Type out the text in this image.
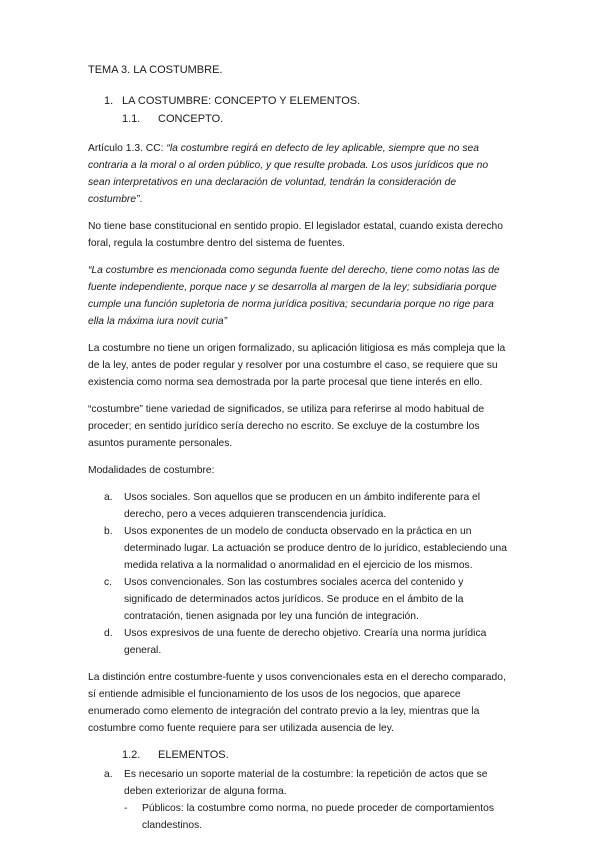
TEMA 3. LA COSTUMBRE.
1. LA COSTUMBRE: CONCEPTO Y ELEMENTOS.
1.1.	CONCEPTO.

Artículo 1.3. CC: “la costumbre regirá en defecto de ley aplicable, siempre que no sea contraria a la moral o al orden público, y que resulte probada. Los usos jurídicos que no sean interpretativos en una declaración de voluntad, tendrán la consideración de costumbre”.

No tiene base constitucional en sentido propio. El legislador estatal, cuando exista derecho foral, regula la costumbre dentro del sistema de fuentes.

“La costumbre es mencionada como segunda fuente del derecho, tiene como notas las de fuente independiente, porque nace y se desarrolla al margen de la ley; subsidiaria porque cumple una función supletoria de norma jurídica positiva; secundaria porque no rige para ella la máxima iura novit curia”

La costumbre no tiene un origen formalizado, su aplicación litigiosa es más compleja que la de la ley, antes de poder regular y resolver por una costumbre el caso, se requiere que su existencia como norma sea demostrada por la parte procesal que tiene interés en ello.

“costumbre” tiene variedad de significados, se utiliza para referirse al modo habitual de proceder; en sentido jurídico sería derecho no escrito. Se excluye de la costumbre los asuntos puramente personales.

Modalidades de costumbre:

a.	Usos sociales. Son aquellos que se producen en un ámbito indiferente para el derecho, pero a veces adquieren transcendencia jurídica.
b.	Usos exponentes de un modelo de conducta observado en la práctica en un determinado lugar. La actuación se produce dentro de lo jurídico, estableciendo una medida relativa a la normalidad o anormalidad en el ejercicio de los mismos.
c.	Usos convencionales. Son las costumbres sociales acerca del contenido y significado de determinados actos jurídicos. Se produce en el ámbito de la contratación, tienen asignada por ley una función de integración.
d.	Usos expresivos de una fuente de derecho objetivo. Crearía una norma jurídica general.

La distinción entre costumbre-fuente y usos convencionales esta en el derecho comparado, sí entiende admisible el funcionamiento de los usos de los negocios, que aparece enumerado como elemento de integración del contrato previo a la ley, mientras que la costumbre como fuente requiere para ser utilizada ausencia de ley.

1.2.	ELEMENTOS.
a.	Es necesario un soporte material de la costumbre: la repetición de actos que se deben exteriorizar de alguna forma.
-	Públicos: la costumbre como norma, no puede proceder de comportamientos clandestinos.
